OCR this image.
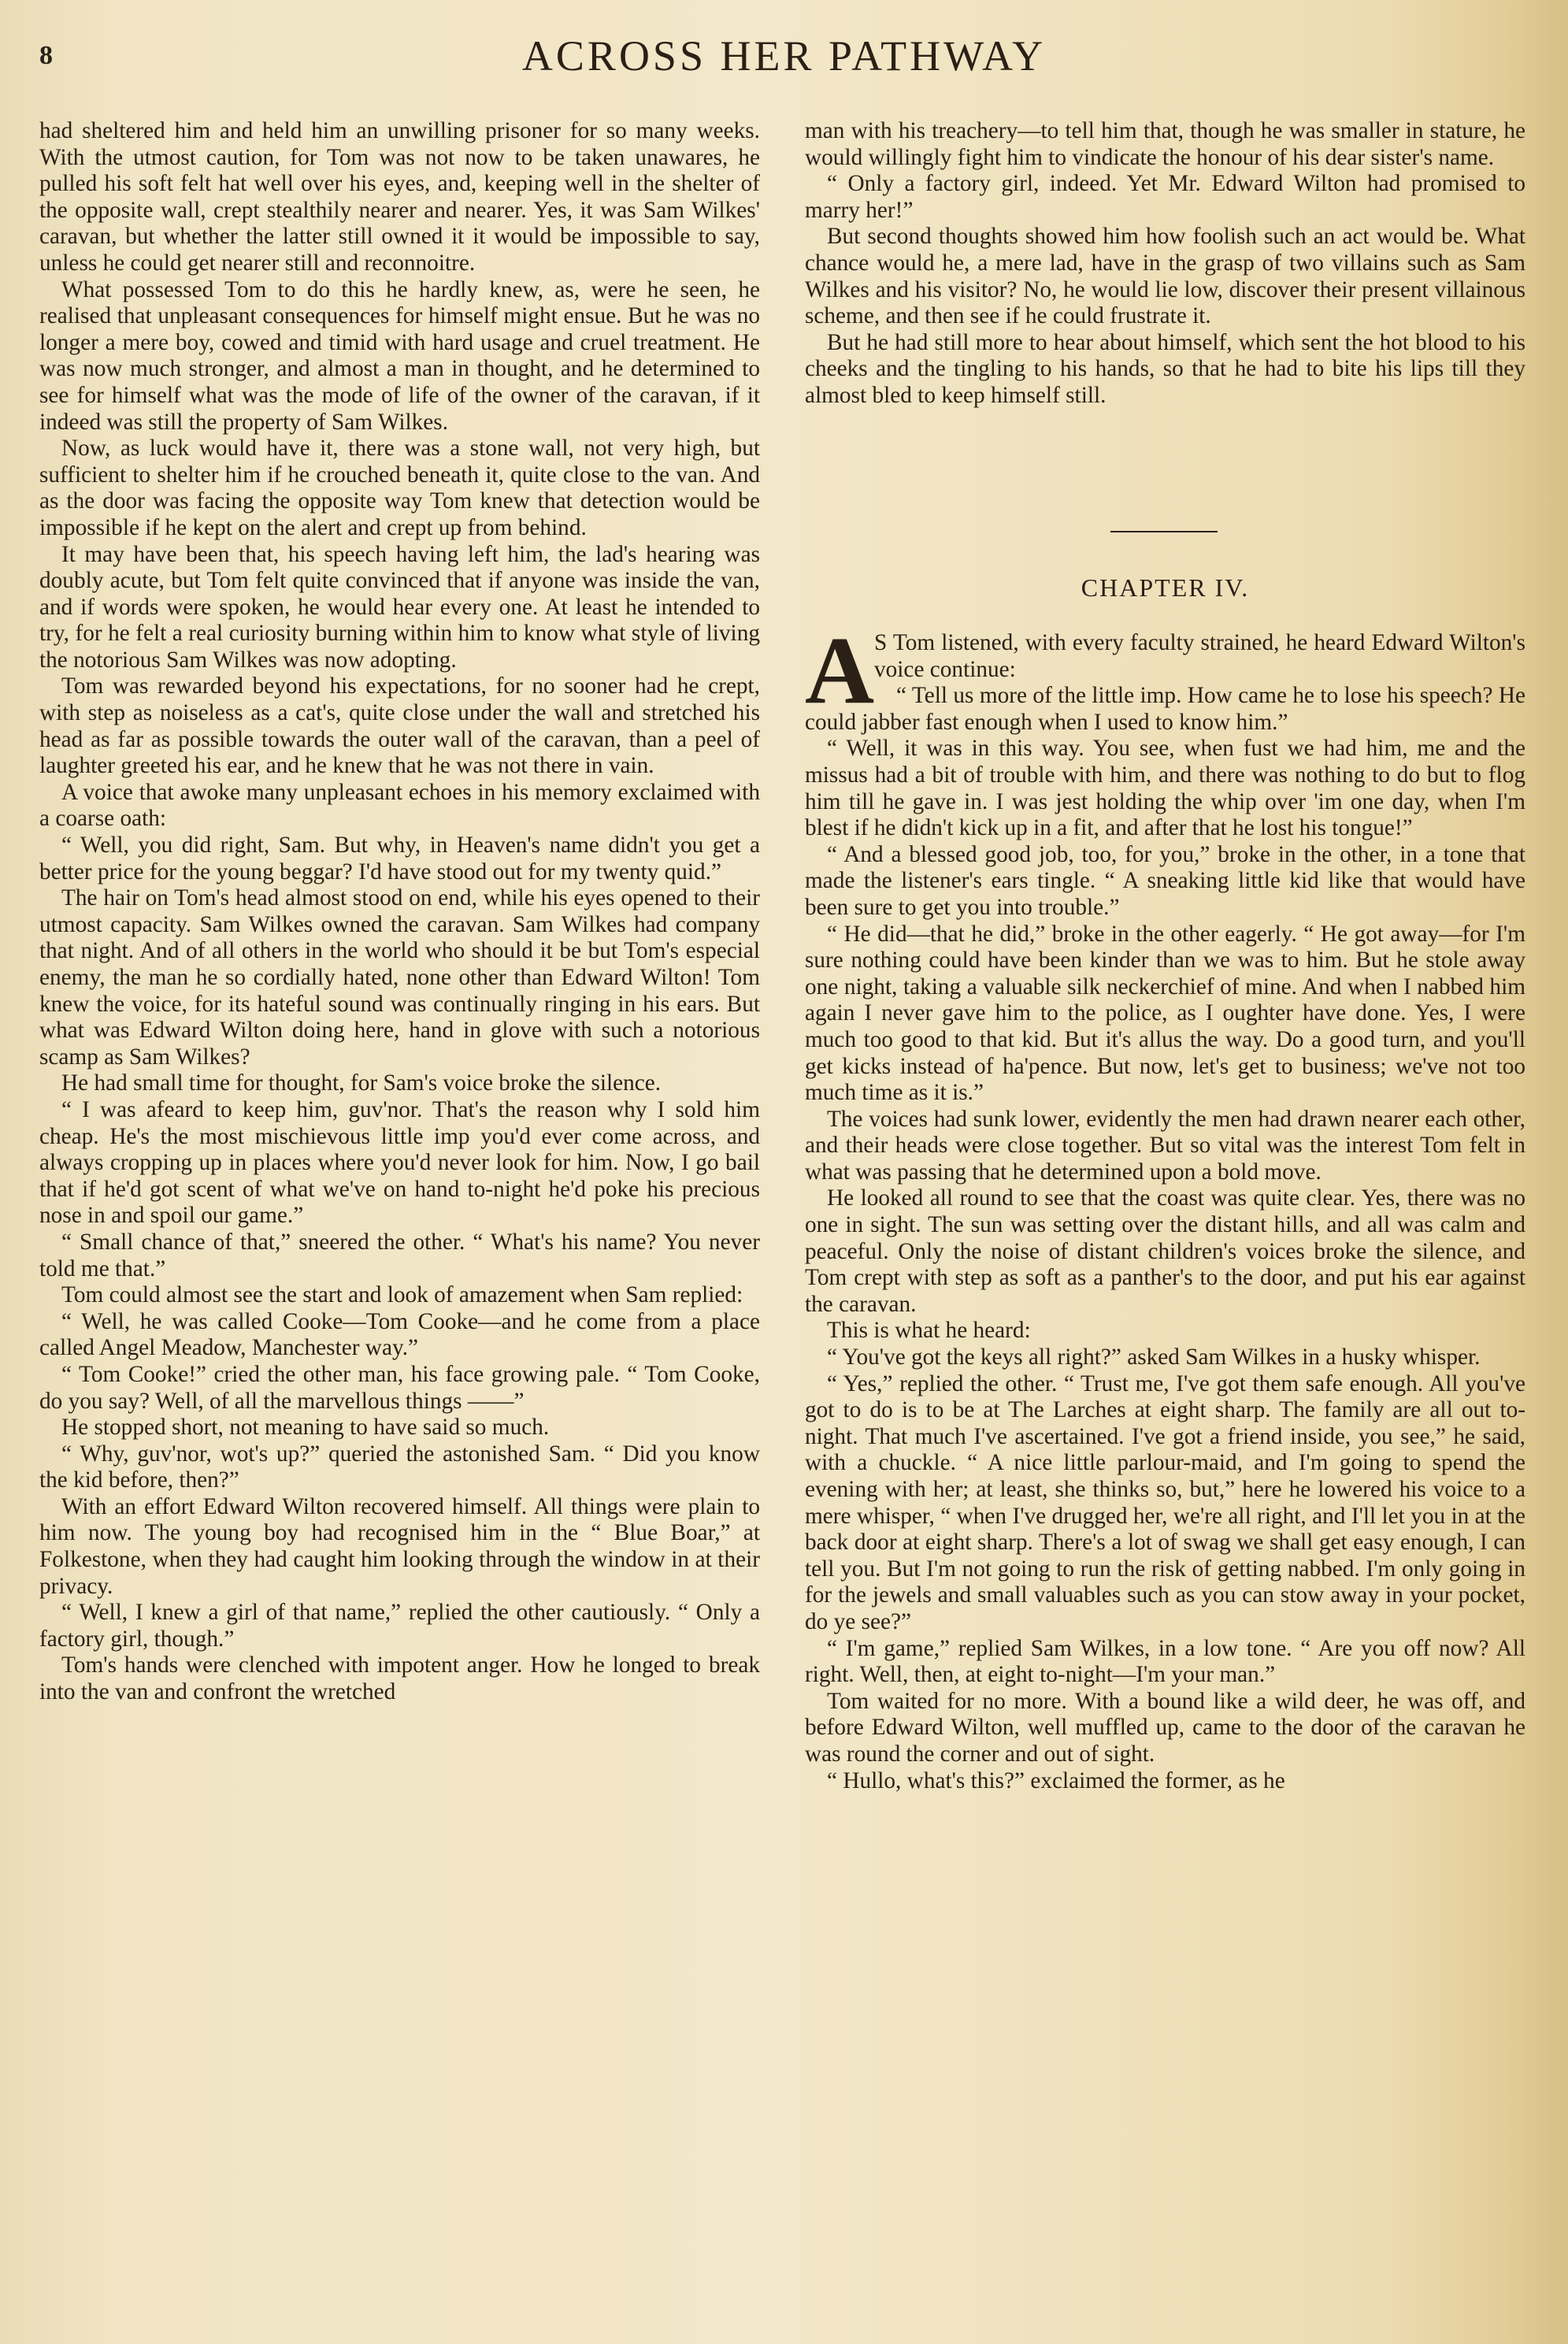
8	ACROSS HER PATHWAY

had sheltered him and held him an unwilling prisoner for so many weeks. With the utmost caution, for Tom was not now to be taken unawares, he pulled his soft felt hat well over his eyes, and, keeping well in the shelter of the opposite wall, crept stealthily nearer and nearer. Yes, it was Sam Wilkes' caravan, but whether the latter still owned it it would be impossible to say, unless he could get nearer still and reconnoitre.

What possessed Tom to do this he hardly knew, as, were he seen, he realised that unpleasant consequences for himself might ensue. But he was no longer a mere boy, cowed and timid with hard usage and cruel treatment. He was now much stronger, and almost a man in thought, and he determined to see for himself what was the mode of life of the owner of the caravan, if it indeed was still the property of Sam Wilkes.

Now, as luck would have it, there was a stone wall, not very high, but sufficient to shelter him if he crouched beneath it, quite close to the van. And as the door was facing the opposite way Tom knew that detection would be impossible if he kept on the alert and crept up from behind.

It may have been that, his speech having left him, the lad's hearing was doubly acute, but Tom felt quite convinced that if anyone was inside the van, and if words were spoken, he would hear every one. At least he intended to try, for he felt a real curiosity burning within him to know what style of living the notorious Sam Wilkes was now adopting.

Tom was rewarded beyond his expectations, for no sooner had he crept, with step as noiseless as a cat's, quite close under the wall and stretched his head as far as possible towards the outer wall of the caravan, than a peel of laughter greeted his ear, and he knew that he was not there in vain.

A voice that awoke many unpleasant echoes in his memory exclaimed with a coarse oath:

“ Well, you did right, Sam. But why, in Heaven's name didn't you get a better price for the young beggar? I'd have stood out for my twenty quid.”

The hair on Tom's head almost stood on end, while his eyes opened to their utmost capacity. Sam Wilkes owned the caravan. Sam Wilkes had company that night. And of all others in the world who should it be but Tom's especial enemy, the man he so cordially hated, none other than Edward Wilton! Tom knew the voice, for its hateful sound was continually ringing in his ears. But what was Edward Wilton doing here, hand in glove with such a notorious scamp as Sam Wilkes?

He had small time for thought, for Sam's voice broke the silence.

“ I was afeard to keep him, guv'nor. That's the reason why I sold him cheap. He's the most mischievous little imp you'd ever come across, and always cropping up in places where you'd never look for him. Now, I go bail that if he'd got scent of what we've on hand to-night he'd poke his precious nose in and spoil our game.”

“ Small chance of that,” sneered the other. “ What's his name? You never told me that.”

Tom could almost see the start and look of amazement when Sam replied:

“ Well, he was called Cooke—Tom Cooke—and he come from a place called Angel Meadow, Manchester way.”

“ Tom Cooke!” cried the other man, his face growing pale. “ Tom Cooke, do you say? Well, of all the marvellous things ——”

He stopped short, not meaning to have said so much.

“ Why, guv'nor, wot's up?” queried the astonished Sam. “ Did you know the kid before, then?”

With an effort Edward Wilton recovered himself. All things were plain to him now. The young boy had recognised him in the “ Blue Boar,” at Folkestone, when they had caught him looking through the window in at their privacy.

“ Well, I knew a girl of that name,” replied the other cautiously. “ Only a factory girl, though.”

Tom's hands were clenched with impotent anger. How he longed to break into the van and confront the wretched

man with his treachery—to tell him that, though he was smaller in stature, he would willingly fight him to vindicate the honour of his dear sister's name.

“ Only a factory girl, indeed. Yet Mr. Edward Wilton had promised to marry her!”

But second thoughts showed him how foolish such an act would be. What chance would he, a mere lad, have in the grasp of two villains such as Sam Wilkes and his visitor? No, he would lie low, discover their present villainous scheme, and then see if he could frustrate it.

But he had still more to hear about himself, which sent the hot blood to his cheeks and the tingling to his hands, so that he had to bite his lips till they almost bled to keep himself still.

CHAPTER IV.

A S Tom listened, with every faculty strained, he heard Edward Wilton's voice continue:

“ Tell us more of the little imp. How came he to lose his speech? He could jabber fast enough when I used to know him.”

“ Well, it was in this way. You see, when fust we had him, me and the missus had a bit of trouble with him, and there was nothing to do but to flog him till he gave in. I was jest holding the whip over 'im one day, when I'm blest if he didn't kick up in a fit, and after that he lost his tongue!”

“ And a blessed good job, too, for you,” broke in the other, in a tone that made the listener's ears tingle. “ A sneaking little kid like that would have been sure to get you into trouble.”

“ He did—that he did,” broke in the other eagerly. “ He got away—for I'm sure nothing could have been kinder than we was to him. But he stole away one night, taking a valuable silk neckerchief of mine. And when I nabbed him again I never gave him to the police, as I oughter have done. Yes, I were much too good to that kid. But it's allus the way. Do a good turn, and you'll get kicks instead of ha'pence. But now, let's get to business; we've not too much time as it is.”

The voices had sunk lower, evidently the men had drawn nearer each other, and their heads were close together. But so vital was the interest Tom felt in what was passing that he determined upon a bold move.

He looked all round to see that the coast was quite clear. Yes, there was no one in sight. The sun was setting over the distant hills, and all was calm and peaceful. Only the noise of distant children's voices broke the silence, and Tom crept with step as soft as a panther's to the door, and put his ear against the caravan.

This is what he heard:

“ You've got the keys all right?” asked Sam Wilkes in a husky whisper.

“ Yes,” replied the other. “ Trust me, I've got them safe enough. All you've got to do is to be at The Larches at eight sharp. The family are all out to-night. That much I've ascertained. I've got a friend inside, you see,” he said, with a chuckle. “ A nice little parlour-maid, and I'm going to spend the evening with her; at least, she thinks so, but,” here he lowered his voice to a mere whisper, “ when I've drugged her, we're all right, and I'll let you in at the back door at eight sharp. There's a lot of swag we shall get easy enough, I can tell you. But I'm not going to run the risk of getting nabbed. I'm only going in for the jewels and small valuables such as you can stow away in your pocket, do ye see?”

“ I'm game,” replied Sam Wilkes, in a low tone. “ Are you off now? All right. Well, then, at eight to-night—I'm your man.”

Tom waited for no more. With a bound like a wild deer, he was off, and before Edward Wilton, well muffled up, came to the door of the caravan he was round the corner and out of sight.

“ Hullo, what's this?” exclaimed the former, as he
